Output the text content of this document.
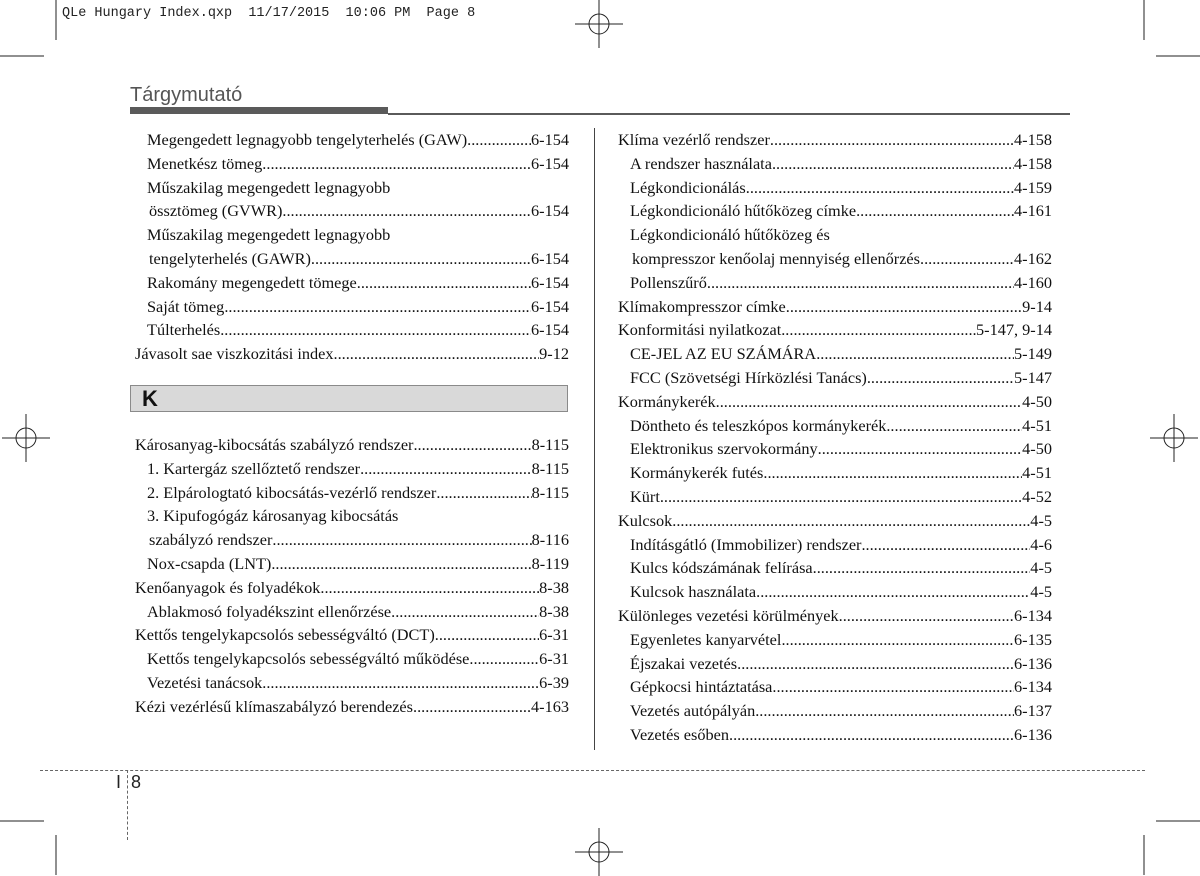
QLe Hungary Index.qxp  11/17/2015  10:06 PM  Page 8
Tárgymutató
Megengedett legnagyobb tengelyterhelés (GAW) .....	6-154
Menetkész tömeg .....	6-154
Műszakilag megengedett legnagyobb
össztömeg (GVWR) .....	6-154
Műszakilag megengedett legnagyobb
tengelyterhelés (GAWR) .....	6-154
Rakomány megengedett tömege .....	6-154
Saját tömeg .....	6-154
Túlterhelés .....	6-154
Jávasolt sae viszkozitási index .....	9-12
K
Károsanyag-kibocsátás szabályzó rendszer .....	8-115
1. Kartergáz szellőztető rendszer .....	8-115
2. Elpárologtató kibocsátás-vezérlő rendszer .....	8-115
3. Kipufogógáz károsanyag kibocsátás
szabályzó rendszer .....	8-116
Nox-csapda (LNT) .....	8-119
Kenőanyagok és folyadékok .....	8-38
Ablakmosó folyadékszint ellenőrzése .....	8-38
Kettős tengelykapcsolós sebességváltó (DCT) .....	6-31
Kettős tengelykapcsolós sebességváltó működése .....	6-31
Vezetési tanácsok .....	6-39
Kézi vezérlésű klímaszabályzó berendezés .....	4-163
Klíma vezérlő rendszer .....	4-158
A rendszer használata .....	4-158
Légkondicionálás .....	4-159
Légkondicionáló hűtőközeg címke .....	4-161
Légkondicionáló hűtőközeg és
kompresszor kenőolaj mennyiség ellenőrzés .....	4-162
Pollenszűrő .....	4-160
Klímakompresszor címke .....	9-14
Konformitási nyilatkozat .....	5-147, 9-14
CE-JEL AZ EU SZÁMÁRA .....	5-149
FCC (Szövetségi Hírközlési Tanács) .....	5-147
Kormánykerék .....	4-50
Döntheto és teleszkópos kormánykerék .....	4-51
Elektronikus szervokormány .....	4-50
Kormánykerék futés .....	4-51
Kürt .....	4-52
Kulcsok .....	4-5
Indításgátló (Immobilizer) rendszer .....	4-6
Kulcs kódszámának felírása .....	4-5
Kulcsok használata .....	4-5
Különleges vezetési körülmények .....	6-134
Egyenletes kanyarvétel .....	6-135
Éjszakai vezetés .....	6-136
Gépkocsi hintáztatása .....	6-134
Vezetés autópályán .....	6-137
Vezetés esőben .....	6-136
I 8
